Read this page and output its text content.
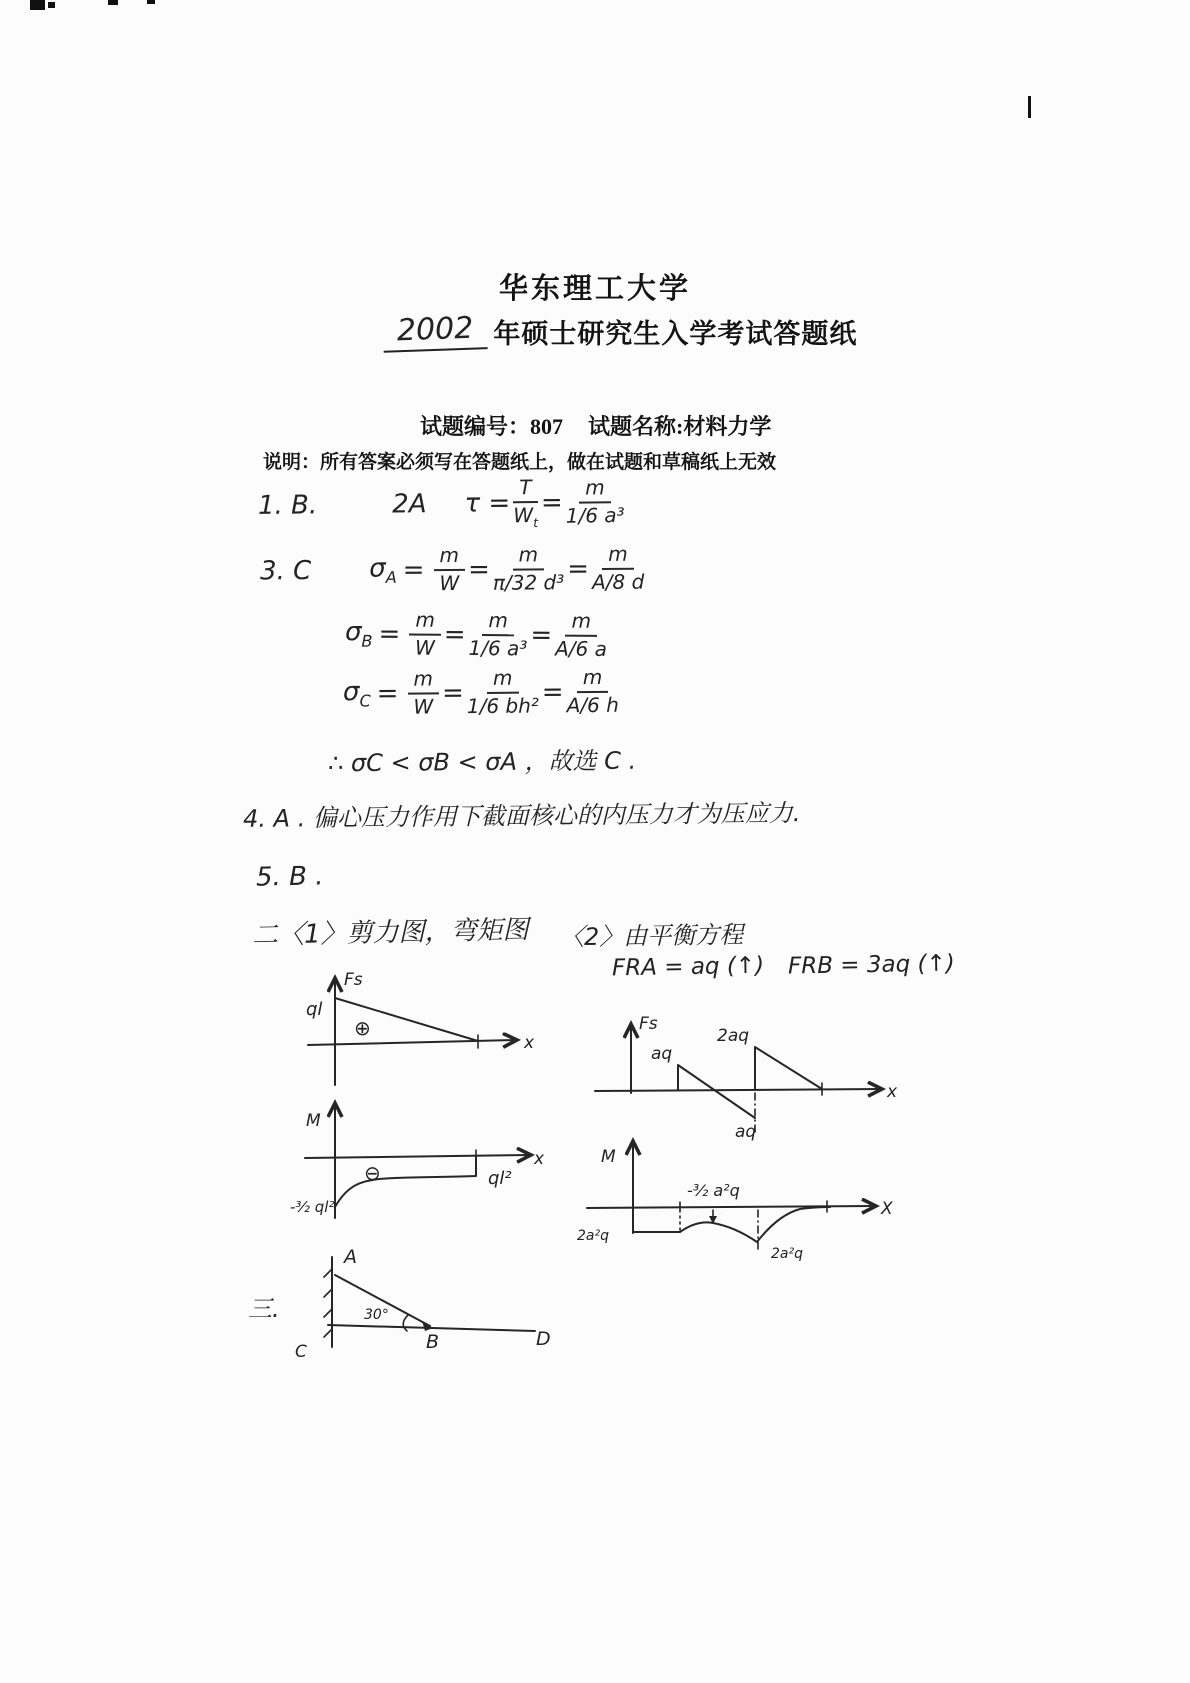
华东理工大学
2002 年硕士研究生入学考试答题纸
试题编号：807 试题名称:材料力学
说明：所有答案必须写在答题纸上，做在试题和草稿纸上无效
1. B.	2A $\tau = \frac{T}{W_t} = \frac{m}{\text{1/6 a³}}$
3. C $\sigma_A = \frac{m}{W} = \frac{m}{\text{π/32 d³}} = \frac{m}{A/8 d}$
$\sigma_B = \frac{m}{W} = \frac{m}{\text{1/6 a³}} = \frac{m}{A/6 a}$
$\sigma_C = \frac{m}{W} = \frac{m}{\text{1/6 bh²}} = \frac{m}{A/6 h}$
∴ σC < σB < σA ，故选 C .
4. A . 偏心压力作用下截面核心的内压力才为压应力.
5. B .
二〈1〉剪力图，弯矩图 〈2〉由平衡方程
FRA = aq (↑) FRB = 3aq (↑)
Fs
ql
⊕
x
M
⊖	ql²
-³⁄₂ ql²
x
A
B
C
D
30°
三.
Fs
aq
2aq
aq
x
M
-³⁄₂ a²q
2a²q
2a²q
X
